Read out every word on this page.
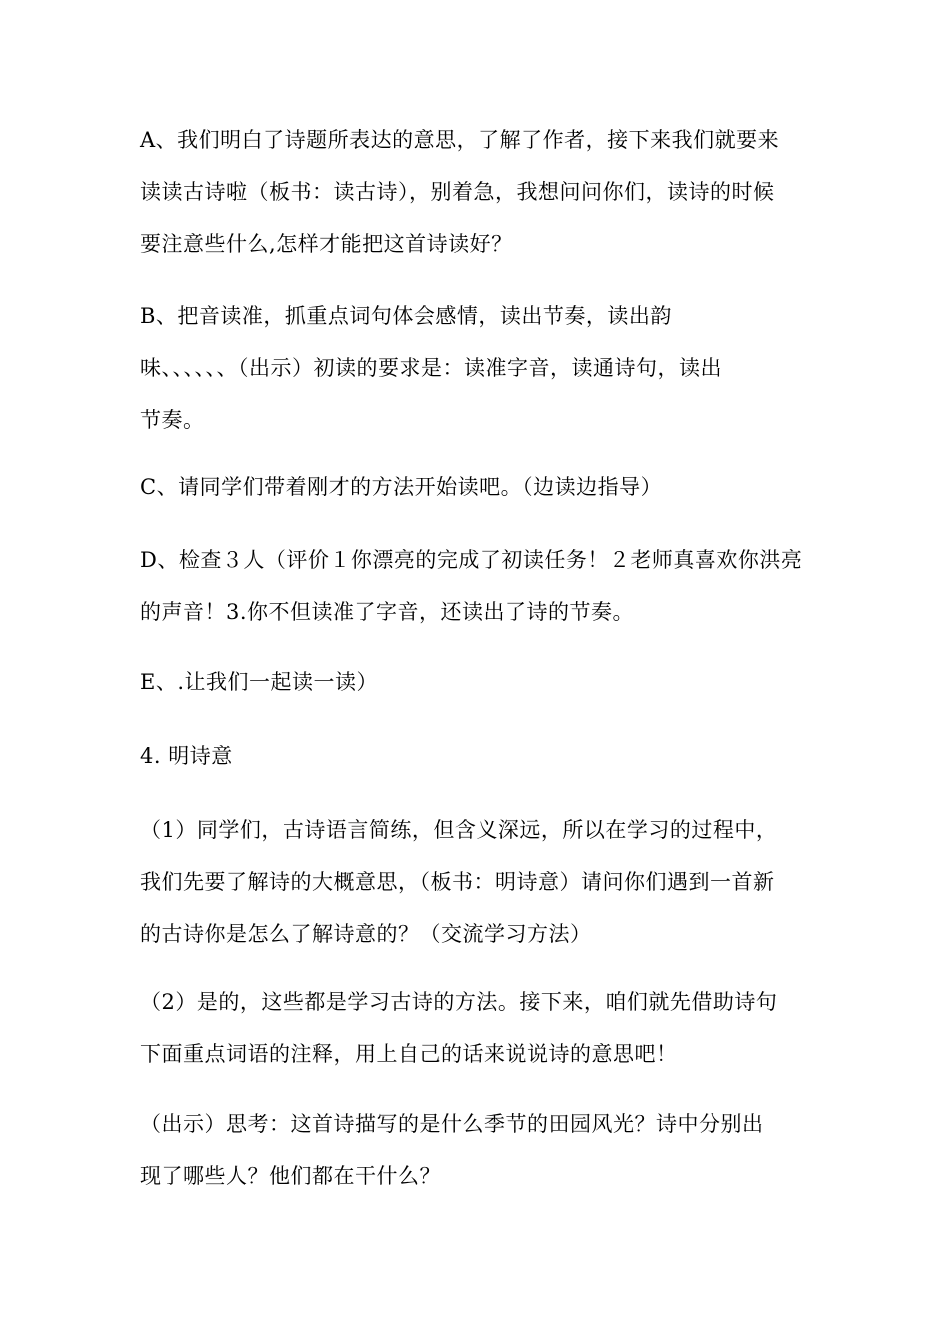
A、我们明白了诗题所表达的意思，了解了作者，接下来我们就要来
读读古诗啦（板书：读古诗），别着急，我想问问你们，读诗的时候
要注意些什么,怎样才能把这首诗读好？

B、把音读准，抓重点词句体会感情，读出节奏，读出韵
味、、、、、、（出示）初读的要求是：读准字音，读通诗句，读出
节奏。

C、请同学们带着刚才的方法开始读吧。（边读边指导）

D、检查３人（评价１你漂亮的完成了初读任务！２老师真喜欢你洪亮
的声音！3.你不但读准了字音，还读出了诗的节奏。

E、.让我们一起读一读）

4. 明诗意

（1）同学们，古诗语言简练，但含义深远，所以在学习的过程中，
我们先要了解诗的大概意思，（板书：明诗意）请问你们遇到一首新
的古诗你是怎么了解诗意的？（交流学习方法）

（2）是的，这些都是学习古诗的方法。接下来，咱们就先借助诗句
下面重点词语的注释，用上自己的话来说说诗的意思吧！

（出示）思考：这首诗描写的是什么季节的田园风光？诗中分别出
现了哪些人？他们都在干什么？
